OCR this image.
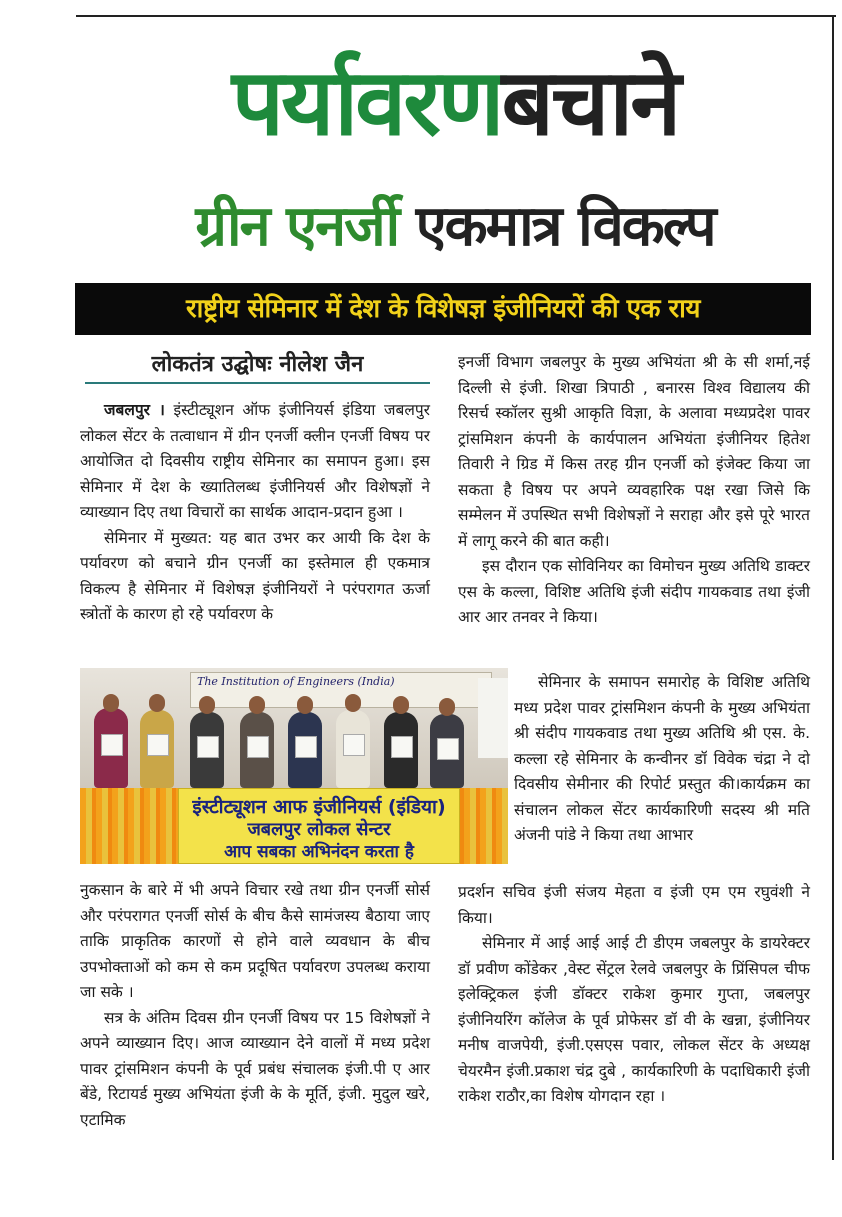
पर्यावरणबचाने
ग्रीन एनर्जी एकमात्र विकल्प
राष्ट्रीय सेमिनार में देश के विशेषज्ञ इंजीनियरों की एक राय
लोकतंत्र उद्घोषः नीलेश जैन

जबलपुर । इंस्टीट्यूशन ऑफ इंजीनियर्स इंडिया जबलपुर लोकल सेंटर के तत्वाधान में ग्रीन एनर्जी क्लीन एनर्जी विषय पर आयोजित दो दिवसीय राष्ट्रीय सेमिनार का समापन हुआ। इस सेमिनार में देश के ख्यातिलब्ध इंजीनियर्स और विशेषज्ञों ने व्याख्यान दिए तथा विचारों का सार्थक आदान-प्रदान हुआ ।

सेमिनार में मुख्यत: यह बात उभर कर आयी कि देश के पर्यावरण को बचाने ग्रीन एनर्जी का इस्तेमाल ही एकमात्र विकल्प है सेमिनार में विशेषज्ञ इंजीनियरों ने परंपरागत ऊर्जा स्त्रोतों के कारण हो रहे पर्यावरण के

The Institution of Engineers (India)
इंस्टीट्यूशन आफ इंजीनियर्स (इंडिया)
जबलपुर लोकल सेन्टर
आप सबका अभिनंदन करता है

नुकसान के बारे में भी अपने विचार रखे तथा ग्रीन एनर्जी सोर्स और परंपरागत एनर्जी सोर्स के बीच कैसे सामंजस्य बैठाया जाए ताकि प्राकृतिक कारणों से होने वाले व्यवधान के बीच उपभोक्ताओं को कम से कम प्रदूषित पर्यावरण उपलब्ध कराया जा सके ।

सत्र के अंतिम दिवस ग्रीन एनर्जी विषय पर 15 विशेषज्ञों ने अपने व्याख्यान दिए। आज व्याख्यान देने वालों में मध्य प्रदेश पावर ट्रांसमिशन कंपनी के पूर्व प्रबंध संचालक इंजी.पी ए आर बेंडे, रिटायर्ड मुख्य अभियंता इंजी के के मूर्ति, इंजी. मुदुल खरे, एटामिक

इनर्जी विभाग जबलपुर के मुख्य अभियंता श्री के सी शर्मा,नई दिल्ली से इंजी. शिखा त्रिपाठी , बनारस विश्व विद्यालय की रिसर्च स्कॉलर सुश्री आकृति विज्ञा, के अलावा मध्यप्रदेश पावर ट्रांसमिशन कंपनी के कार्यपालन अभियंता इंजीनियर हितेश तिवारी ने ग्रिड में किस तरह ग्रीन एनर्जी को इंजेक्ट किया जा सकता है विषय पर अपने व्यवहारिक पक्ष रखा जिसे कि सम्मेलन में उपस्थित सभी विशेषज्ञों ने सराहा और इसे पूरे भारत में लागू करने की बात कही।

इस दौरान एक सोविनियर का विमोचन मुख्य अतिथि डाक्टर एस के कल्ला, विशिष्ट अतिथि इंजी संदीप गायकवाड तथा इंजी आर आर तनवर ने किया।

सेमिनार के समापन समारोह के विशिष्ट अतिथि मध्य प्रदेश पावर ट्रांसमिशन कंपनी के मुख्य अभियंता श्री संदीप गायकवाड तथा मुख्य अतिथि श्री एस. के. कल्ला रहे सेमिनार के कन्वीनर डॉ विवेक चंद्रा ने दो दिवसीय सेमीनार की रिपोर्ट प्रस्तुत की।कार्यक्रम का संचालन लोकल सेंटर कार्यकारिणी सदस्य श्री मति अंजनी पांडे ने किया तथा आभार

प्रदर्शन सचिव इंजी संजय मेहता व इंजी एम एम रघुवंशी ने किया।

सेमिनार में आई आई आई टी डीएम जबलपुर के डायरेक्टर डॉ प्रवीण कोंडेकर ,वेस्ट सेंट्रल रेलवे जबलपुर के प्रिंसिपल चीफ इलेक्ट्रिकल इंजी डॉक्टर राकेश कुमार गुप्ता, जबलपुर इंजीनियरिंग कॉलेज के पूर्व प्रोफेसर डॉ वी के खन्ना, इंजीनियर मनीष वाजपेयी, इंजी.एसएस पवार, लोकल सेंटर के अध्यक्ष चेयरमैन इंजी.प्रकाश चंद्र दुबे , कार्यकारिणी के पदाधिकारी इंजी राकेश राठौर,का विशेष योगदान रहा ।
